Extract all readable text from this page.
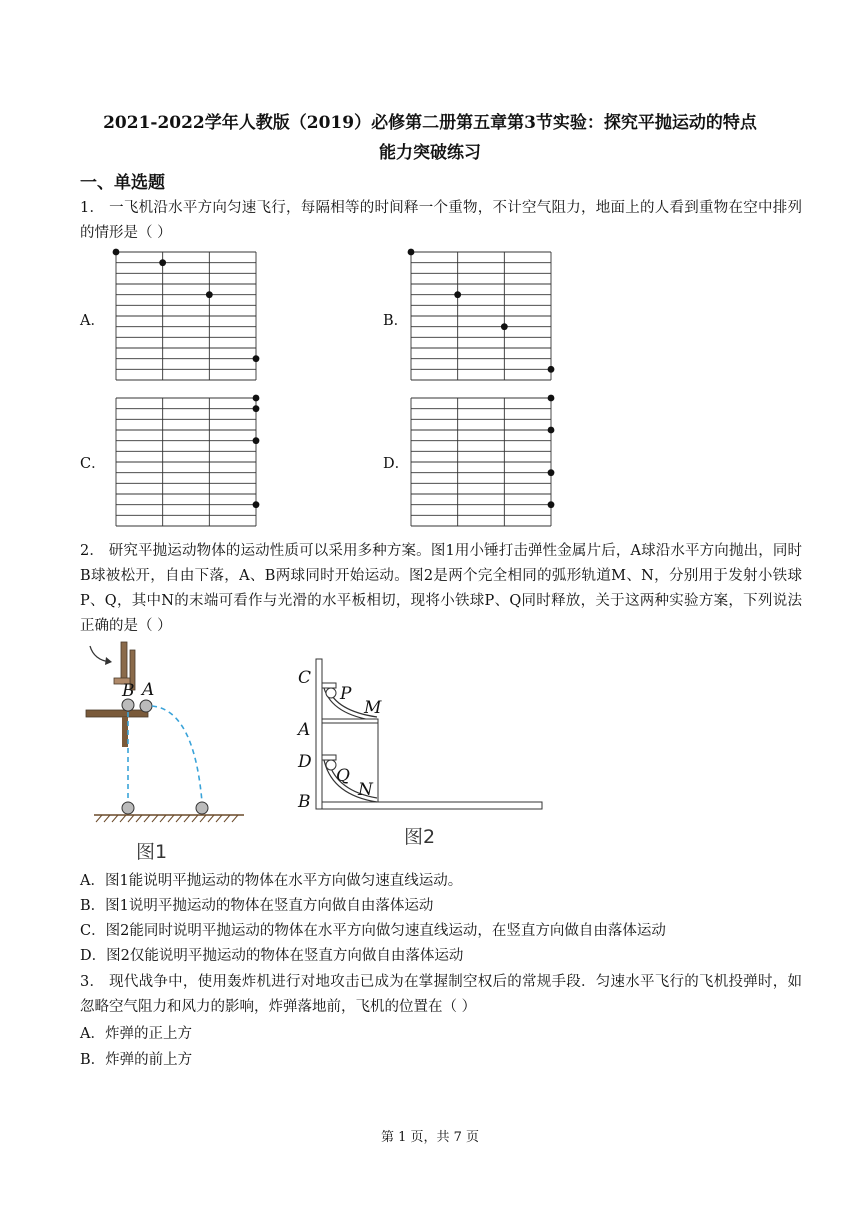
2021-2022学年人教版（2019）必修第二册第五章第3节实验：探究平抛运动的特点
能力突破练习
一、单选题
1． 一飞机沿水平方向匀速飞行，每隔相等的时间释一个重物，不计空气阻力，地面上的人看到重物在空中排列的情形是（ ）
A．	B．
C．	D．
2． 研究平抛运动物体的运动性质可以采用多种方案。图1用小锤打击弹性金属片后，A球沿水平方向抛出，同时B球被松开，自由下落，A、B两球同时开始运动。图2是两个完全相同的弧形轨道M、N，分别用于发射小铁球P、Q，其中N的末端可看作与光滑的水平板相切，现将小铁球P、Q同时释放，关于这两种实验方案，下列说法正确的是（ ）
B A
图1
C
P
M
A
D
Q
N
B
图2
A．图1能说明平抛运动的物体在水平方向做匀速直线运动。
B．图1说明平抛运动的物体在竖直方向做自由落体运动
C．图2能同时说明平抛运动的物体在水平方向做匀速直线运动，在竖直方向做自由落体运动
D．图2仅能说明平抛运动的物体在竖直方向做自由落体运动
3． 现代战争中，使用轰炸机进行对地攻击已成为在掌握制空权后的常规手段．匀速水平飞行的飞机投弹时，如忽略空气阻力和风力的影响，炸弹落地前，飞机的位置在（ ）
A．炸弹的正上方
B．炸弹的前上方
第 1 页，共 7 页
